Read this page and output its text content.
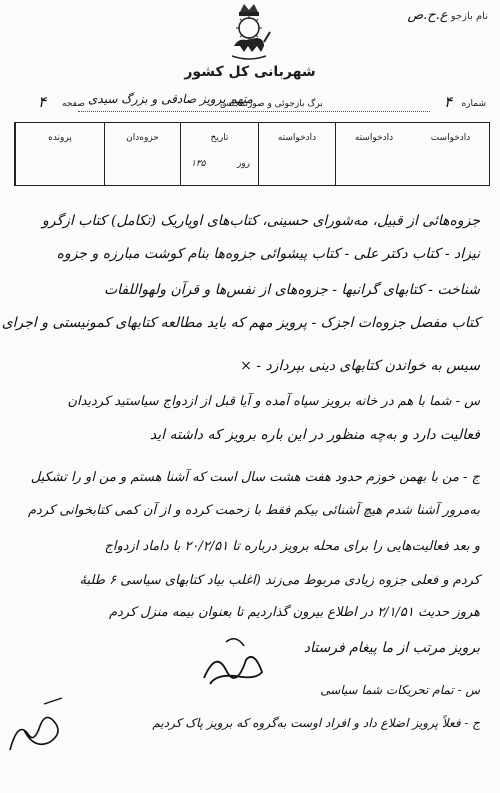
نام بازجو ع.ح.ص
شهربانی کل کشور
شماره
۴
برگ بازجوئی و صورتمجلس
متهم پرویز صادقی و بزرگ سیدی
صفحه
۴
دادخواست
دادخواسته
دادخواسته
تاریخ
روز
۱۳۵
حزوه‌دان
پرونده
جزوه‌هائی از قبیل، مه‌شورای حسینی، کتاب‌های اوپاریک (تکامل) کتاب ازگرو
نیزاد - کتاب دکتر علی - کتاب پیشوائی جزوه‌ها بنام کوشت مبارزه و جزوه
شناخت - کتابهای گرانبها - جزوه‌های از نفس‌ها و قرآن ولهواللفات
کتاب مفصل جزوه‌ات اجزک - پرویز مهم که باید مطالعه کتابهای کمونیستی و اجرای
سیس به خواندن کتابهای دینی بپردازد - ×
س - شما با هم در خانه برویز سپاه آمده و آیا قبل از ازدواج سیاستید کردیدان
فعالیت دارد و به‌چه منظور در این باره برویز که داشته اید
ج - من با بهمن خوزم حدود هفت هشت سال است که آشنا هستم و من او را تشکیل
به‌مرور آشنا شدم هیچ آشنائی بیکم فقط با زحمت کرده و از آن کمی کتابخوانی کردم
و بعد فعالیت‌هایی را برای محله برویز درباره تا ۲۰/۲/۵۱ با داماد ازدواج
کردم و فعلی جزوه زیادی مربوط می‌زند (اغلب بیاد کتابهای سیاسی ۶ طلبهٔ
هروز حدیث ۲/۱/۵۱ در اطلاع بیرون گذاردیم تا بعنوان بیمه منزل کردم
برویز مرتب از ما پیغام فرستاد
س - تمام تحریکات شما سیاسی
ج - فعلاً پرویز اضلاع داد و افراد اوست به‌گروه که برویز پاک کردیم
